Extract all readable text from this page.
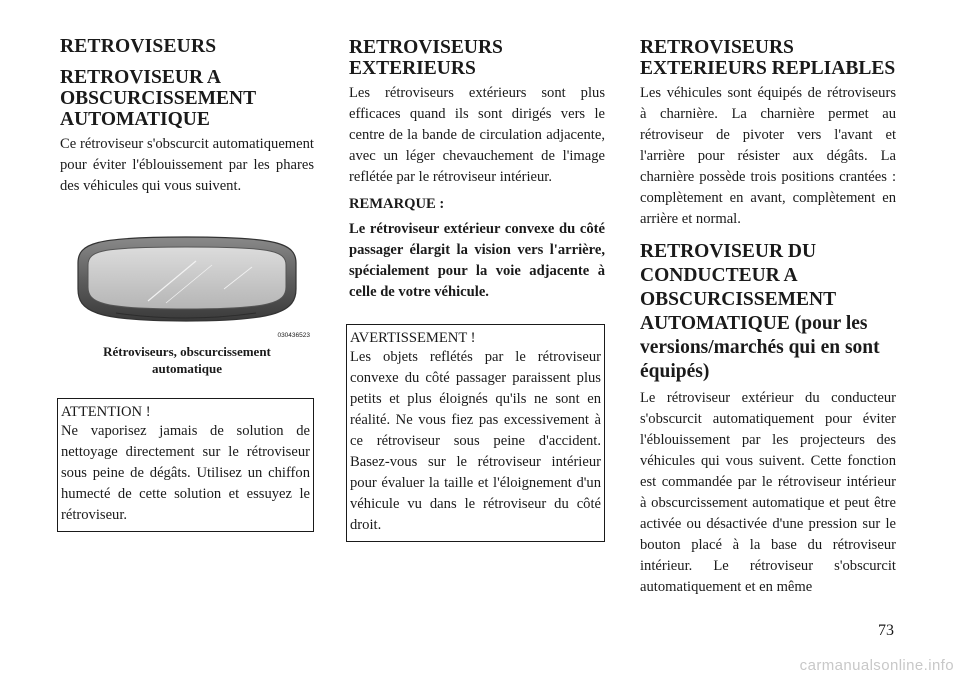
RETROVISEURS
RETROVISEUR A OBSCURCISSEMENT AUTOMATIQUE

Ce rétroviseur s'obscurcit automatiquement pour éviter l'éblouissement par les phares des véhicules qui vous suivent.

030436523
Rétroviseurs, obscurcissement
automatique
ATTENTION !
Ne vaporisez jamais de solution de nettoyage directement sur le rétroviseur sous peine de dégâts. Utilisez un chiffon humecté de cette solution et essuyez le rétroviseur.
RETROVISEURS EXTERIEURS

Les rétroviseurs extérieurs sont plus efficaces quand ils sont dirigés vers le centre de la bande de circulation adjacente, avec un léger chevauchement de l'image reflétée par le rétroviseur intérieur.

REMARQUE :

Le rétroviseur extérieur convexe du côté passager élargit la vision vers l'arrière, spécialement pour la voie adjacente à celle de votre véhicule.

AVERTISSEMENT !
Les objets reflétés par le rétroviseur convexe du côté passager paraissent plus petits et plus éloignés qu'ils ne sont en réalité. Ne vous fiez pas excessivement à ce rétroviseur sous peine d'accident. Basez-vous sur le rétroviseur intérieur pour évaluer la taille et l'éloignement d'un véhicule vu dans le rétroviseur du côté droit.
RETROVISEURS EXTERIEURS REPLIABLES

Les véhicules sont équipés de rétroviseurs à charnière. La charnière permet au rétroviseur de pivoter vers l'avant et l'arrière pour résister aux dégâts. La charnière possède trois positions crantées : complètement en avant, complètement en arrière et normal.

RETROVISEUR DU CONDUCTEUR A OBSCURCISSEMENT AUTOMATIQUE (pour les versions/marchés qui en sont équipés)

Le rétroviseur extérieur du conducteur s'obscurcit automatiquement pour éviter l'éblouissement par les projecteurs des véhicules qui vous suivent. Cette fonction est commandée par le rétroviseur intérieur à obscurcissement automatique et peut être activée ou désactivée d'une pression sur le bouton placé à la base du rétroviseur intérieur. Le rétroviseur s'obscurcit automatiquement et en même

73
carmanualsonline.info
